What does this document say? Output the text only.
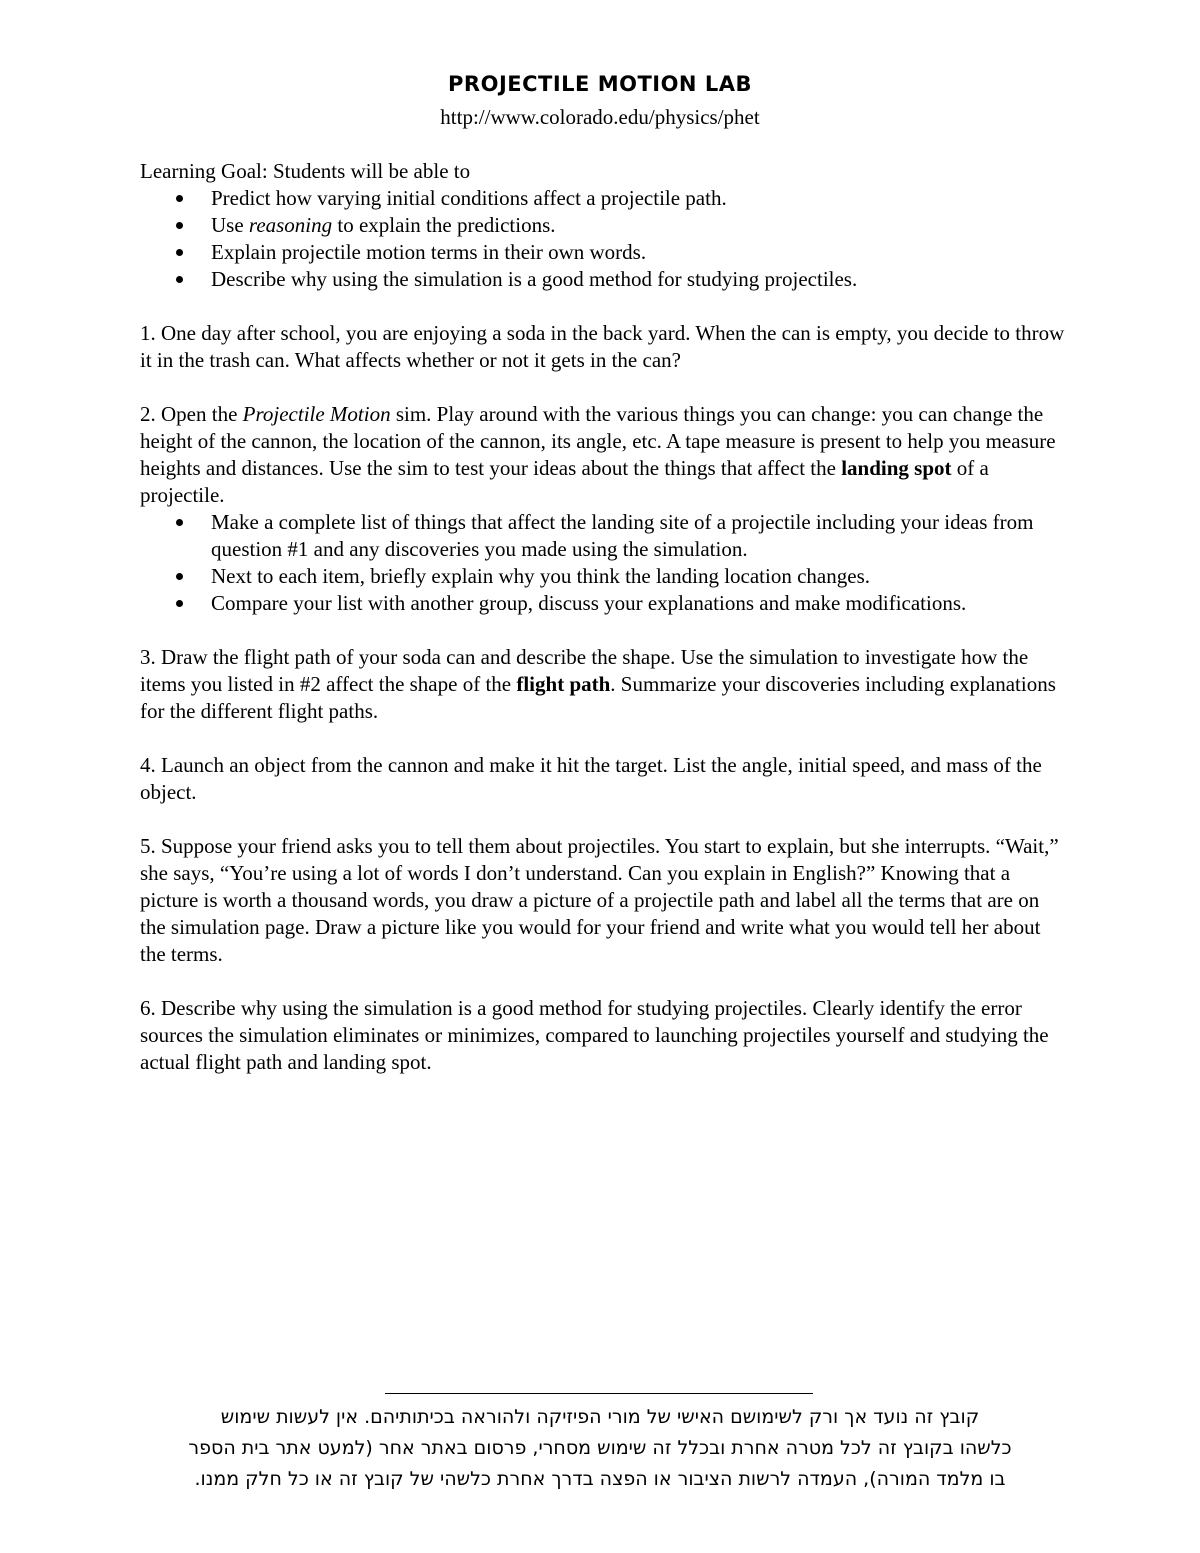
PROJECTILE MOTION LAB
http://www.colorado.edu/physics/phet

Learning Goal: Students will be able to

Predict how varying initial conditions affect a projectile path.
Use reasoning to explain the predictions.
Explain projectile motion terms in their own words.
Describe why using the simulation is a good method for studying projectiles.

1. One day after school, you are enjoying a soda in the back yard. When the can is empty, you decide to throw it in the trash can. What affects whether or not it gets in the can?

2. Open the Projectile Motion sim. Play around with the various things you can change: you can change the height of the cannon, the location of the cannon, its angle, etc. A tape measure is present to help you measure heights and distances. Use the sim to test your ideas about the things that affect the landing spot of a projectile.

Make a complete list of things that affect the landing site of a projectile including your ideas from question #1 and any discoveries you made using the simulation.
Next to each item, briefly explain why you think the landing location changes.
Compare your list with another group, discuss your explanations and make modifications.

3. Draw the flight path of your soda can and describe the shape. Use the simulation to investigate how the items you listed in #2 affect the shape of the flight path. Summarize your discoveries including explanations for the different flight paths.

4. Launch an object from the cannon and make it hit the target. List the angle, initial speed, and mass of the object.

5. Suppose your friend asks you to tell them about projectiles. You start to explain, but she interrupts. “Wait,” she says, “You’re using a lot of words I don’t understand. Can you explain in English?” Knowing that a picture is worth a thousand words, you draw a picture of a projectile path and label all the terms that are on the simulation page. Draw a picture like you would for your friend and write what you would tell her about the terms.

6. Describe why using the simulation is a good method for studying projectiles. Clearly identify the error sources the simulation eliminates or minimizes, compared to launching projectiles yourself and studying the actual flight path and landing spot.

קובץ זה נועד אך ורק לשימושם האישי של מורי הפיזיקה ולהוראה בכיתותיהם. אין לעשות שימוש

כלשהו בקובץ זה לכל מטרה אחרת ובכלל זה שימוש מסחרי, פרסום באתר אחר (למעט אתר בית הספר

בו מלמד המורה), העמדה לרשות הציבור או הפצה בדרך אחרת כלשהי של קובץ זה או כל חלק ממנו.
